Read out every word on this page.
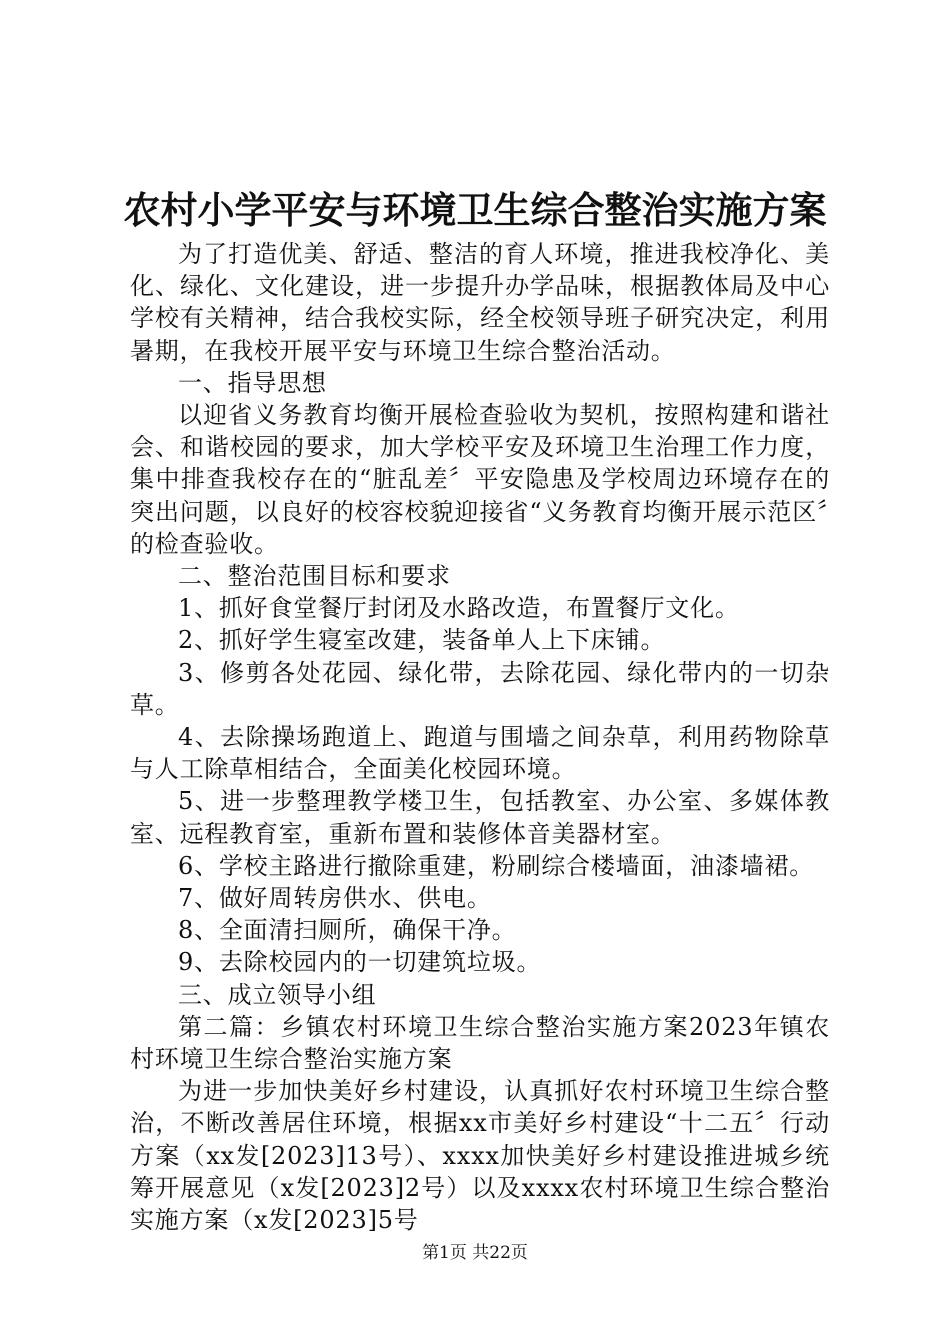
农村小学平安与环境卫生综合整治实施方案

为了打造优美、舒适、整洁的育人环境，推进我校净化、美化、绿化、文化建设，进一步提升办学品味，根据教体局及中心学校有关精神，结合我校实际，经全校领导班子研究决定，利用暑期，在我校开展平安与环境卫生综合整治活动。

一、指导思想

以迎省义务教育均衡开展检查验收为契机，按照构建和谐社会、和谐校园的要求，加大学校平安及环境卫生治理工作力度，集中排查我校存在的“脏乱差〞平安隐患及学校周边环境存在的突出问题，以良好的校容校貌迎接省“义务教育均衡开展示范区〞的检查验收。

二、整治范围目标和要求

1、抓好食堂餐厅封闭及水路改造，布置餐厅文化。

2、抓好学生寝室改建，装备单人上下床铺。

3、修剪各处花园、绿化带，去除花园、绿化带内的一切杂草。

4、去除操场跑道上、跑道与围墙之间杂草，利用药物除草与人工除草相结合，全面美化校园环境。

5、进一步整理教学楼卫生，包括教室、办公室、多媒体教室、远程教育室，重新布置和装修体音美器材室。

6、学校主路进行撤除重建，粉刷综合楼墙面，油漆墙裙。

7、做好周转房供水、供电。

8、全面清扫厕所，确保干净。

9、去除校园内的一切建筑垃圾。

三、成立领导小组

第二篇：乡镇农村环境卫生综合整治实施方案2023年镇农村环境卫生综合整治实施方案

为进一步加快美好乡村建设，认真抓好农村环境卫生综合整治，不断改善居住环境，根据xx市美好乡村建设“十二五〞行动方案（xx发[2023]13号）、xxxx加快美好乡村建设推进城乡统筹开展意见（x发[2023]2号）以及xxxx农村环境卫生综合整治实施方案（x发[2023]5号

第1页 共22页
